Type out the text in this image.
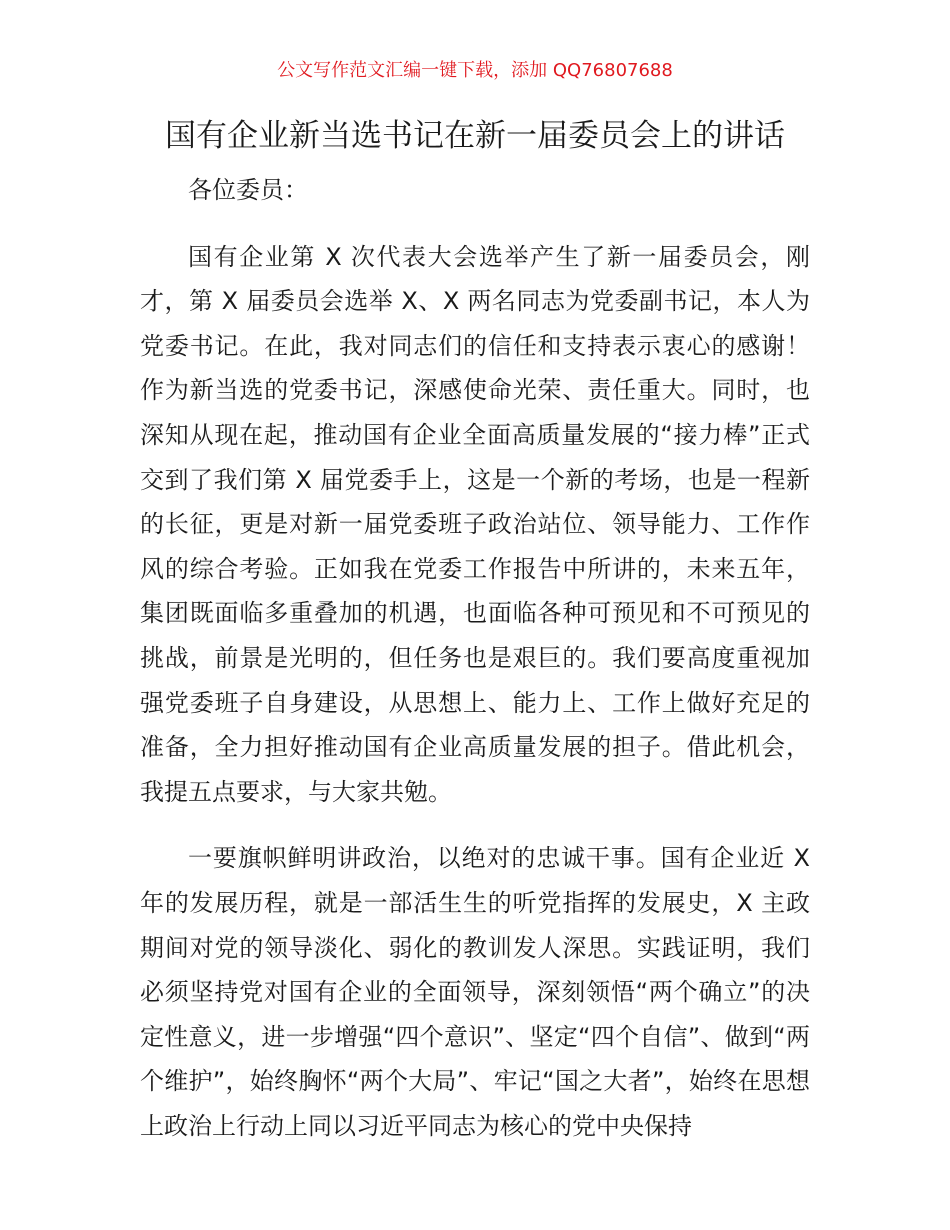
公文写作范文汇编一键下载，添加 QQ76807688
国有企业新当选书记在新一届委员会上的讲话

各位委员：

国有企业第 X 次代表大会选举产生了新一届委员会，刚才，第 X 届委员会选举 X、X 两名同志为党委副书记，本人为党委书记。在此，我对同志们的信任和支持表示衷心的感谢！作为新当选的党委书记，深感使命光荣、责任重大。同时，也深知从现在起，推动国有企业全面高质量发展的“接力棒”正式交到了我们第 X 届党委手上，这是一个新的考场，也是一程新的长征，更是对新一届党委班子政治站位、领导能力、工作作风的综合考验。正如我在党委工作报告中所讲的，未来五年，集团既面临多重叠加的机遇，也面临各种可预见和不可预见的挑战，前景是光明的，但任务也是艰巨的。我们要高度重视加强党委班子自身建设，从思想上、能力上、工作上做好充足的准备，全力担好推动国有企业高质量发展的担子。借此机会，我提五点要求，与大家共勉。

一要旗帜鲜明讲政治，以绝对的忠诚干事。国有企业近 X 年的发展历程，就是一部活生生的听党指挥的发展史，X 主政期间对党的领导淡化、弱化的教训发人深思。实践证明，我们必须坚持党对国有企业的全面领导，深刻领悟“两个确立”的决定性意义，进一步增强“四个意识”、坚定“四个自信”、做到“两个维护”，始终胸怀“两个大局”、牢记“国之大者”，始终在思想上政治上行动上同以习近平同志为核心的党中央保持
